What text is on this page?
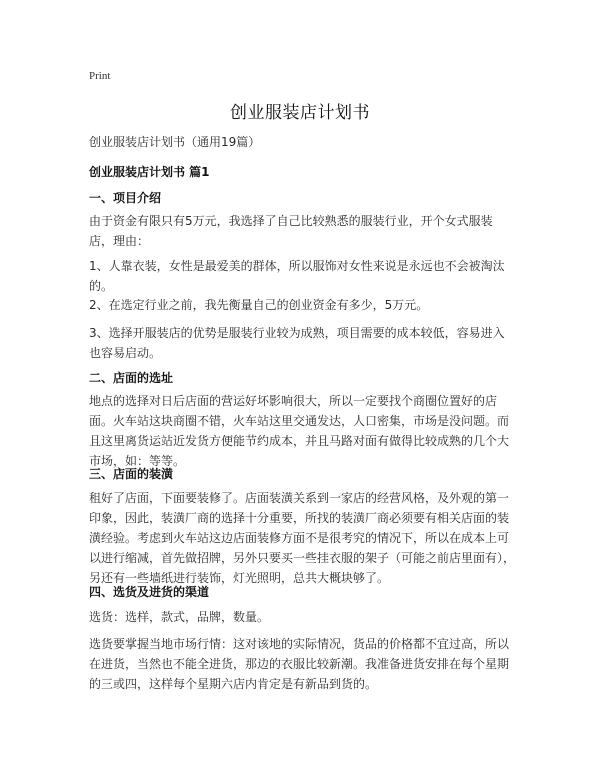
Print
创业服装店计划书
创业服装店计划书（通用19篇）
创业服装店计划书 篇1
一、项目介绍
由于资金有限只有5万元，我选择了自己比较熟悉的服装行业，开个女式服装店，理由：
1、人靠衣装，女性是最爱美的群体，所以服饰对女性来说是永远也不会被淘汰的。
2、在选定行业之前，我先衡量自己的创业资金有多少，5万元。
3、选择开服装店的优势是服装行业较为成熟，项目需要的成本较低，容易进入也容易启动。
二、店面的选址
地点的选择对日后店面的营运好坏影响很大，所以一定要找个商圈位置好的店面。火车站这块商圈不错，火车站这里交通发达，人口密集，市场是没问题。而且这里离货运站近发货方便能节约成本，并且马路对面有做得比较成熟的几个大市场，如：等等。
三、店面的装潢
租好了店面，下面要装修了。店面装潢关系到一家店的经营风格，及外观的第一印象，因此，装潢厂商的选择十分重要，所找的装潢厂商必须要有相关店面的装潢经验。考虑到火车站这边店面装修方面不是很考究的情况下，所以在成本上可以进行缩减，首先做招牌，另外只要买一些挂衣服的架子（可能之前店里面有），另还有一些墙纸进行装饰，灯光照明，总共大概块够了。
四、选货及进货的渠道
选货：选样，款式，品牌，数量。
选货要掌握当地市场行情：这对该地的实际情况，货品的价格都不宜过高，所以在进货，当然也不能全进货，那边的衣服比较新潮。我准备进货安排在每个星期的三或四，这样每个星期六店内肯定是有新品到货的。
